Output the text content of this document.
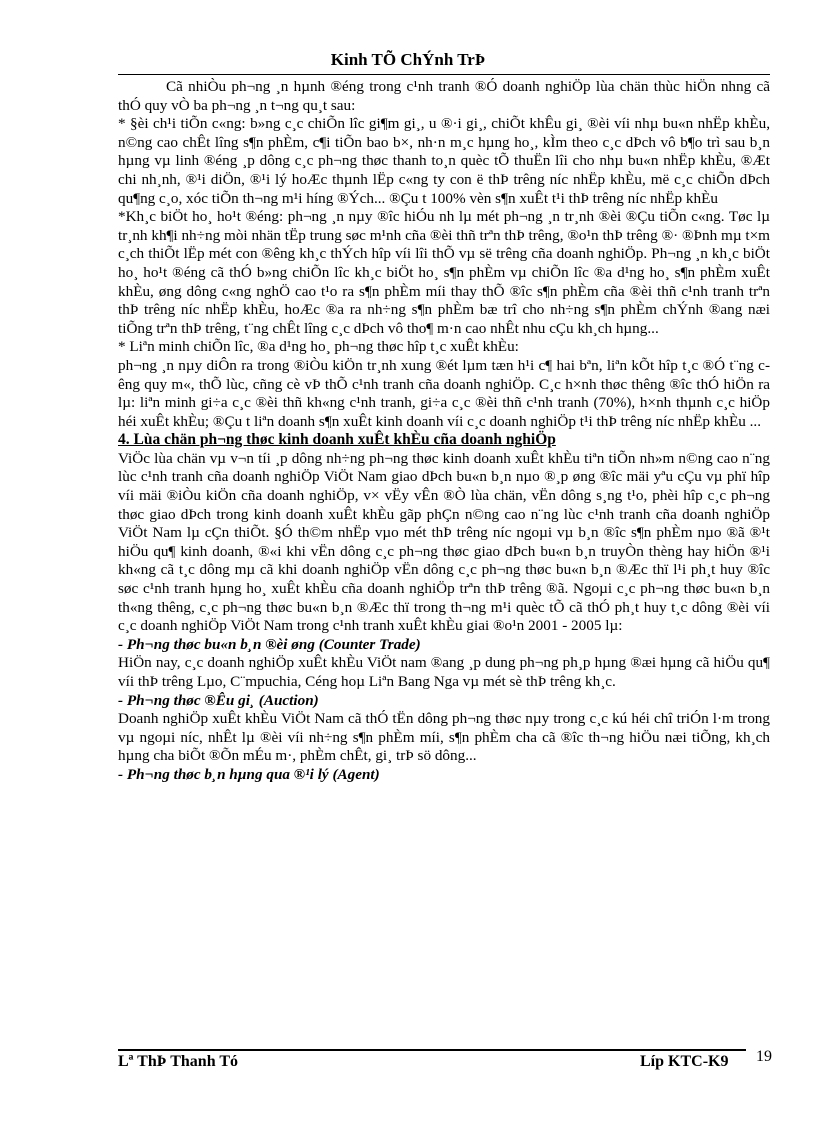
Kinh TÕ ChÝnh TrÞ

Cã nhiÒu ph¬ng ¸n hµnh ®éng trong c¹nh tranh ®Ó doanh nghiÖp lùa chän thùc hiÖn nhng cã thÓ quy vÒ ba ph¬ng ¸n t¬ng qu¸t sau:

* §èi ch¹i tiÕn c«ng: b»ng c¸c chiÕn lîc gi¶m gi¸, u ®·i gi¸, chiÕt khÊu gi¸ ®èi víi nhµ bu«n nhËp khÈu, n©ng cao chÊt lîng s¶n phÈm, c¶i tiÕn bao b×, nh·n m¸c hµng ho¸, kÌm theo c¸c dÞch vô b¶o trì sau b¸n hµng vµ linh ®éng ¸p dông c¸c ph¬ng thøc thanh to¸n quèc tÕ thuËn lîi cho nhµ bu«n nhËp khÈu, ®Æt chi nh¸nh, ®¹i diÖn, ®¹i lý hoÆc thµnh lËp c«ng ty con ë thÞ trêng níc nhËp khÈu, më c¸c chiÕn dÞch qu¶ng c¸o, xóc tiÕn th¬ng m¹i híng ®Ých... ®Çu t 100% vèn s¶n xuÊt t¹i thÞ trêng níc nhËp khÈu

*Kh¸c biÖt ho¸ ho¹t ®éng: ph¬ng ¸n nµy ®îc hiÓu nh lµ mét ph¬ng ¸n tr¸nh ®èi ®Çu tiÕn c«ng. Tøc lµ tr¸nh kh¶i nh÷ng mòi nhän tËp trung søc m¹nh cña ®èi thñ trªn thÞ trêng, ®o¹n thÞ trêng ®· ®Þnh mµ t×m c¸ch thiÕt lËp mét con ®êng kh¸c thÝch hîp víi lîi thÕ vµ së trêng cña doanh nghiÖp. Ph¬ng ¸n kh¸c biÖt ho¸ ho¹t ®éng cã thÓ b»ng chiÕn lîc kh¸c biÖt ho¸ s¶n phÈm vµ chiÕn lîc ®a d¹ng ho¸ s¶n phÈm xuÊt khÈu, øng dông c«ng nghÖ cao t¹o ra s¶n phÈm míi thay thÕ ®îc s¶n phÈm cña ®èi thñ c¹nh tranh trªn thÞ trêng níc nhËp khÈu, hoÆc ®a ra nh÷ng s¶n phÈm bæ trî cho nh÷ng s¶n phÈm chÝnh ®ang næi tiÕng trªn thÞ trêng, t¨ng chÊt lîng c¸c dÞch vô tho¶ m·n cao nhÊt nhu cÇu kh¸ch hµng...

* Liªn minh chiÕn lîc, ®a d¹ng ho¸ ph¬ng thøc hîp t¸c xuÊt khÈu:

ph¬ng ¸n nµy diÔn ra trong ®iÒu kiÖn tr¸nh xung ®ét lµm tæn h¹i c¶ hai bªn, liªn kÕt hîp t¸c ®Ó t¨ng cêng quy m«, thÕ lùc, cñng cè vÞ thÕ c¹nh tranh cña doanh nghiÖp. C¸c h×nh thøc thêng ®îc thÓ hiÖn ra lµ: liªn minh gi÷a c¸c ®èi thñ kh«ng c¹nh tranh, gi÷a c¸c ®èi thñ c¹nh tranh (70%), h×nh thµnh c¸c hiÖp héi xuÊt khÈu; ®Çu t liªn doanh s¶n xuÊt kinh doanh víi c¸c doanh nghiÖp t¹i thÞ trêng níc nhËp khÈu ...

4. Lùa chän ph¬ng thøc kinh doanh xuÊt khÈu cña doanh nghiÖp

ViÖc lùa chän vµ v¬n tíi ¸p dông nh÷ng ph¬ng thøc kinh doanh xuÊt khÈu tiªn tiÕn nh»m n©ng cao n¨ng lùc c¹nh tranh cña doanh nghiÖp ViÖt Nam giao dÞch bu«n b¸n nµo ®¸p øng ®îc mäi yªu cÇu vµ phï hîp víi mäi ®iÒu kiÖn cña doanh nghiÖp, v× vËy vÊn ®Ò lùa chän, vËn dông s¸ng t¹o, phèi hîp c¸c ph¬ng thøc giao dÞch trong kinh doanh xuÊt khÈu gãp phÇn n©ng cao n¨ng lùc c¹nh tranh cña doanh nghiÖp ViÖt Nam lµ cÇn thiÕt. §Ó th©m nhËp vµo mét thÞ trêng níc ngoµi vµ b¸n ®îc s¶n phÈm nµo ®ã ®¹t hiÖu qu¶ kinh doanh, ®«i khi vËn dông c¸c ph¬ng thøc giao dÞch bu«n b¸n truyÒn thèng hay hiÖn ®¹i kh«ng cã t¸c dông mµ cã khi doanh nghiÖp vËn dông c¸c ph¬ng thøc bu«n b¸n ®Æc thï l¹i ph¸t huy ®îc søc c¹nh tranh hµng ho¸ xuÊt khÈu cña doanh nghiÖp trªn thÞ trêng ®ã. Ngoµi c¸c ph¬ng thøc bu«n b¸n th«ng thêng, c¸c ph¬ng thøc bu«n b¸n ®Æc thï trong th¬ng m¹i quèc tÕ cã thÓ ph¸t huy t¸c dông ®èi víi c¸c doanh nghiÖp ViÖt Nam trong c¹nh tranh xuÊt khÈu giai ®o¹n 2001 - 2005 lµ:

- Ph¬ng thøc bu«n b¸n ®èi øng (Counter Trade)

HiÖn nay, c¸c doanh nghiÖp xuÊt khÈu ViÖt nam ®ang ¸p dung ph¬ng ph¸p hµng ®æi hµng cã hiÖu qu¶ víi thÞ trêng Lµo, C¨mpuchia, Céng hoµ Liªn Bang Nga vµ mét sè thÞ trêng kh¸c.

- Ph¬ng thøc ®Êu gi¸ (Auction)

Doanh nghiÖp xuÊt khÈu ViÖt Nam cã thÓ tËn dông ph¬ng thøc nµy trong c¸c kú héi chî triÓn l·m trong vµ ngoµi níc, nhÊt lµ ®èi víi nh÷ng s¶n phÈm míi, s¶n phÈm cha cã ®îc th¬ng hiÖu næi tiÕng, kh¸ch hµng cha biÕt ®Õn mÉu m·, phÈm chÊt, gi¸ trÞ sö dông...

- Ph¬ng thøc b¸n hµng qua ®¹i lý (Agent)

Lª ThÞ Thanh Tó	Líp KTC-K9 19
